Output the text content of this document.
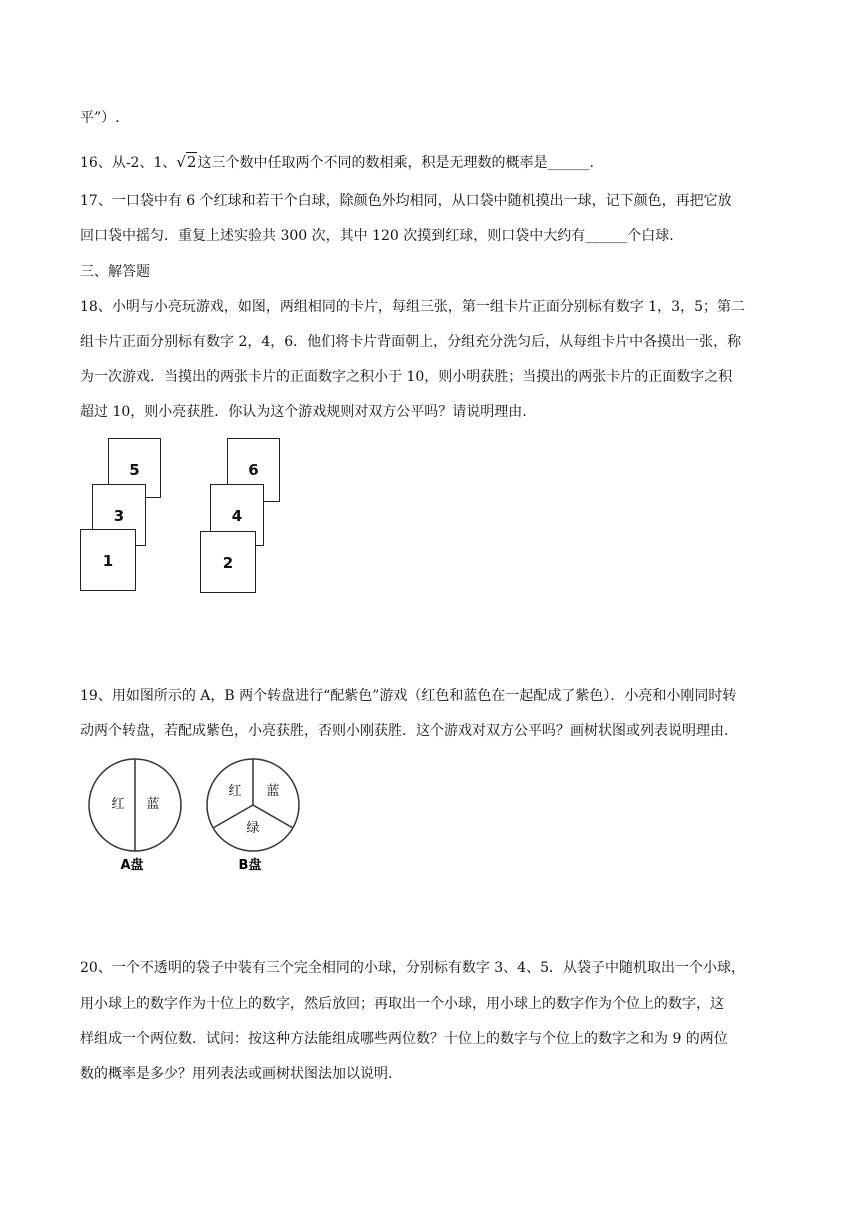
平”）.
16、从-2、1、√2这三个数中任取两个不同的数相乘，积是无理数的概率是______.
17、一口袋中有 6 个红球和若干个白球，除颜色外均相同，从口袋中随机摸出一球，记下颜色，再把它放
回口袋中摇匀．重复上述实验共 300 次，其中 120 次摸到红球，则口袋中大约有______个白球.
三、解答题
18、小明与小亮玩游戏，如图，两组相同的卡片，每组三张，第一组卡片正面分别标有数字 1，3，5；第二
组卡片正面分别标有数字 2，4，6．他们将卡片背面朝上，分组充分洗匀后，从每组卡片中各摸出一张，称
为一次游戏．当摸出的两张卡片的正面数字之积小于 10，则小明获胜；当摸出的两张卡片的正面数字之积
超过 10，则小亮获胜．你认为这个游戏规则对双方公平吗？请说明理由.
5
3
1
6
4
2
19、用如图所示的 A，B 两个转盘进行“配紫色”游戏（红色和蓝色在一起配成了紫色）．小亮和小刚同时转
动两个转盘，若配成紫色，小亮获胜，否则小刚获胜．这个游戏对双方公平吗？画树状图或列表说明理由.
红 蓝
红 蓝
绿
A盘	B盘
20、一个不透明的袋子中装有三个完全相同的小球，分别标有数字 3、4、5．从袋子中随机取出一个小球，
用小球上的数字作为十位上的数字，然后放回；再取出一个小球，用小球上的数字作为个位上的数字，这
样组成一个两位数．试问：按这种方法能组成哪些两位数？十位上的数字与个位上的数字之和为 9 的两位
数的概率是多少？用列表法或画树状图法加以说明.
